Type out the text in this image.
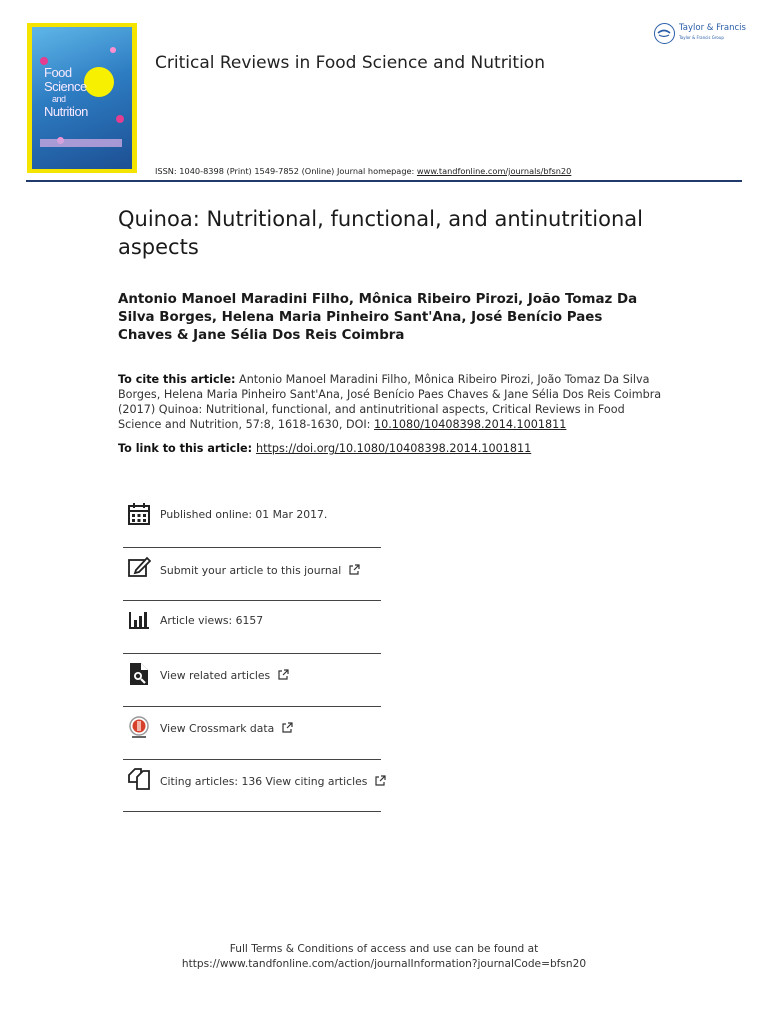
Food
Science
and
Nutrition
Critical Reviews in Food Science and Nutrition
ISSN: 1040-8398 (Print) 1549-7852 (Online) Journal homepage: www.tandfonline.com/journals/bfsn20
Taylor & Francis
Taylor & Francis Group
Quinoa: Nutritional, functional, and antinutritional aspects
Antonio Manoel Maradini Filho, Mônica Ribeiro Pirozi, João Tomaz Da Silva Borges, Helena Maria Pinheiro Sant'Ana, José Benício Paes Chaves & Jane Sélia Dos Reis Coimbra
To cite this article: Antonio Manoel Maradini Filho, Mônica Ribeiro Pirozi, João Tomaz Da Silva Borges, Helena Maria Pinheiro Sant'Ana, José Benício Paes Chaves & Jane Sélia Dos Reis Coimbra (2017) Quinoa: Nutritional, functional, and antinutritional aspects, Critical Reviews in Food Science and Nutrition, 57:8, 1618-1630, DOI: 10.1080/10408398.2014.1001811
To link to this article: https://doi.org/10.1080/10408398.2014.1001811
Published online: 01 Mar 2017.
Submit your article to this journal
Article views: 6157
View related articles
View Crossmark data
Citing articles: 136 View citing articles
Full Terms & Conditions of access and use can be found at
https://www.tandfonline.com/action/journalInformation?journalCode=bfsn20
